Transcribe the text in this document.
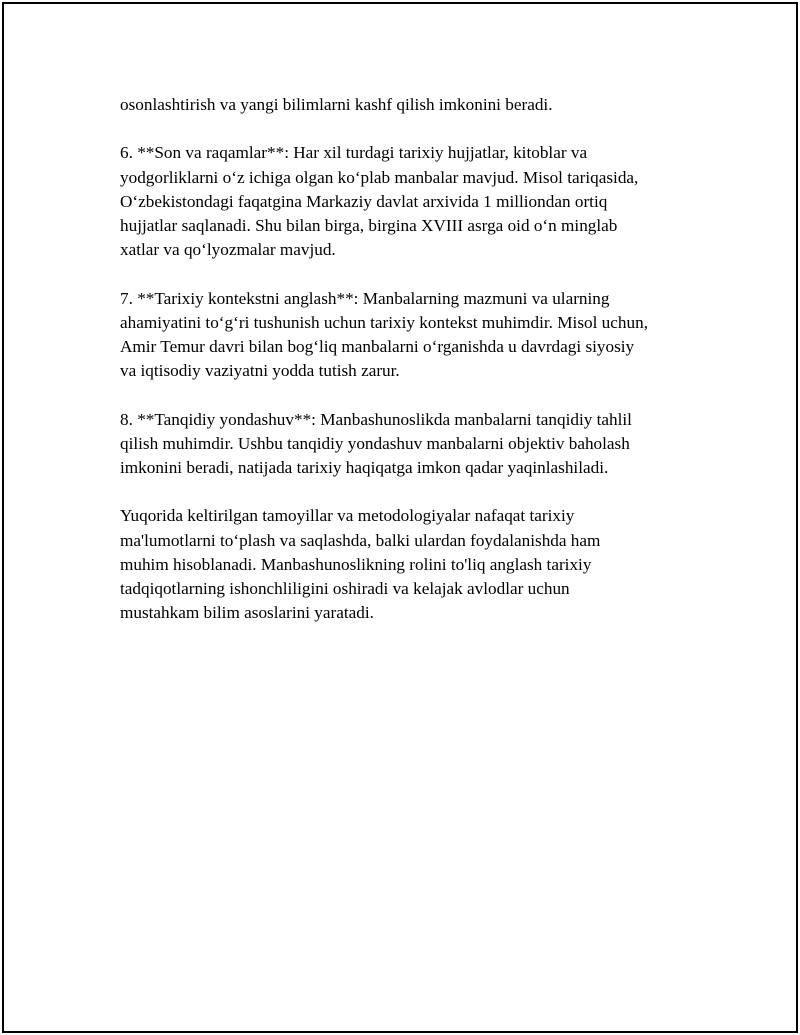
osonlashtirish va yangi bilimlarni kashf qilish imkonini beradi.

6. **Son va raqamlar**: Har xil turdagi tarixiy hujjatlar, kitoblar va
yodgorliklarni o‘z ichiga olgan ko‘plab manbalar mavjud. Misol tariqasida,
O‘zbekistondagi faqatgina Markaziy davlat arxivida 1 milliondan ortiq
hujjatlar saqlanadi. Shu bilan birga, birgina XVIII asrga oid o‘n minglab
xatlar va qo‘lyozmalar mavjud.

7. **Tarixiy kontekstni anglash**: Manbalarning mazmuni va ularning
ahamiyatini to‘g‘ri tushunish uchun tarixiy kontekst muhimdir. Misol uchun,
Amir Temur davri bilan bog‘liq manbalarni o‘rganishda u davrdagi siyosiy
va iqtisodiy vaziyatni yodda tutish zarur.

8. **Tanqidiy yondashuv**: Manbashunoslikda manbalarni tanqidiy tahlil
qilish muhimdir. Ushbu tanqidiy yondashuv manbalarni objektiv baholash
imkonini beradi, natijada tarixiy haqiqatga imkon qadar yaqinlashiladi.

Yuqorida keltirilgan tamoyillar va metodologiyalar nafaqat tarixiy
ma'lumotlarni to‘plash va saqlashda, balki ulardan foydalanishda ham
muhim hisoblanadi. Manbashunoslikning rolini to'liq anglash tarixiy
tadqiqotlarning ishonchliligini oshiradi va kelajak avlodlar uchun
mustahkam bilim asoslarini yaratadi.
